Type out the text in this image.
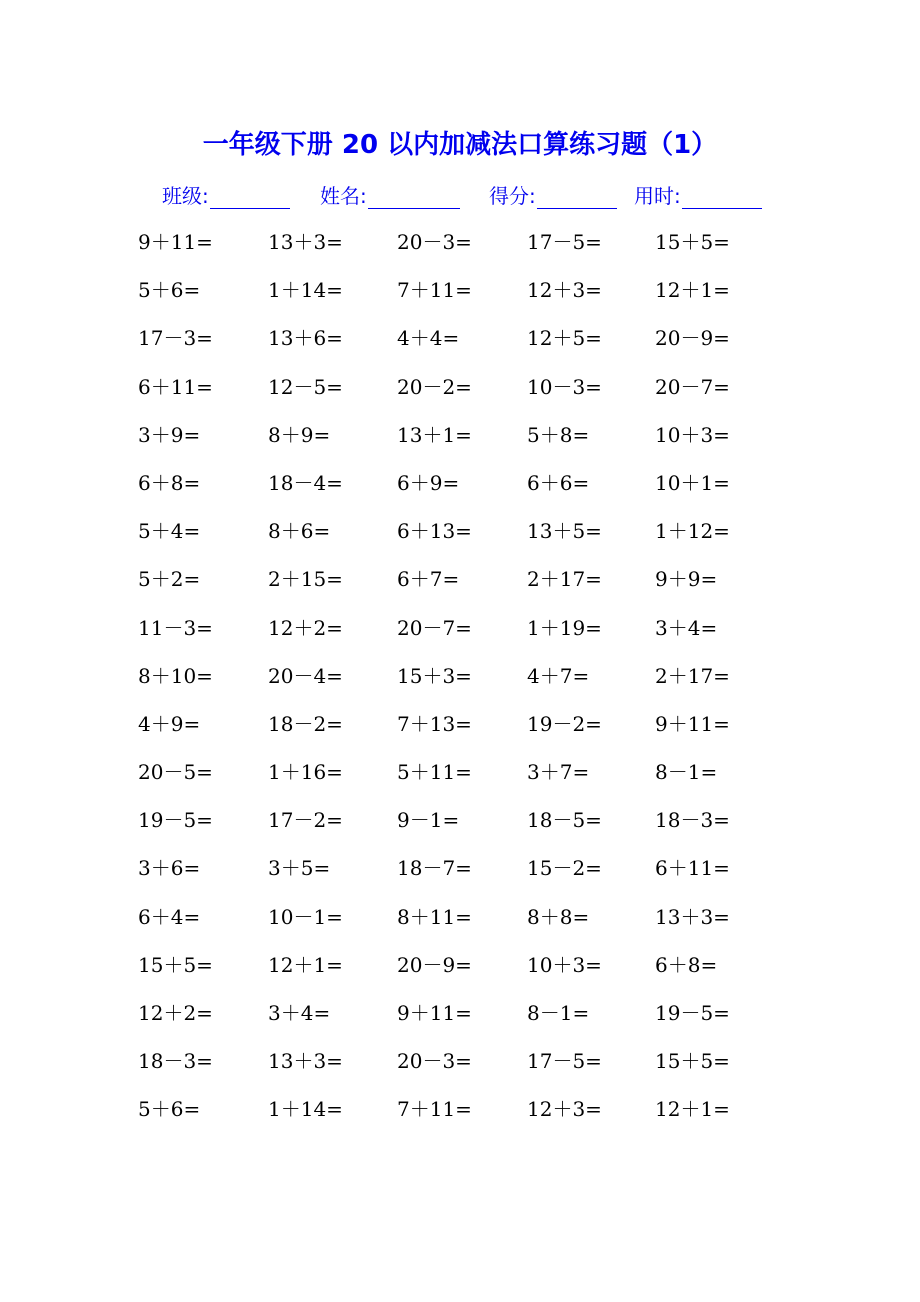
一年级下册 20 以内加减法口算练习题（1）
班级:	姓名:	得分:	用时:
9＋11=	13＋3=	20－3=	17－5=	15＋5=
5＋6=	1＋14=	7＋11=	12＋3=	12＋1=
17－3=	13＋6=	4＋4=	12＋5=	20－9=
6＋11=	12－5=	20－2=	10－3=	20－7=
3＋9=	8＋9=	13＋1=	5＋8=	10＋3=
6＋8=	18－4=	6＋9=	6＋6=	10＋1=
5＋4=	8＋6=	6＋13=	13＋5=	1＋12=
5＋2=	2＋15=	6＋7=	2＋17=	9＋9=
11－3=	12＋2=	20－7=	1＋19=	3＋4=
8＋10=	20－4=	15＋3=	4＋7=	2＋17=
4＋9=	18－2=	7＋13=	19－2=	9＋11=
20－5=	1＋16=	5＋11=	3＋7=	8－1=
19－5=	17－2=	9－1=	18－5=	18－3=
3＋6=	3＋5=	18－7=	15－2=	6＋11=
6＋4=	10－1=	8＋11=	8＋8=	13＋3=
15＋5=	12＋1=	20－9=	10＋3=	6＋8=
12＋2=	3＋4=	9＋11=	8－1=	19－5=
18－3=	13＋3=	20－3=	17－5=	15＋5=
5＋6=	1＋14=	7＋11=	12＋3=	12＋1=
